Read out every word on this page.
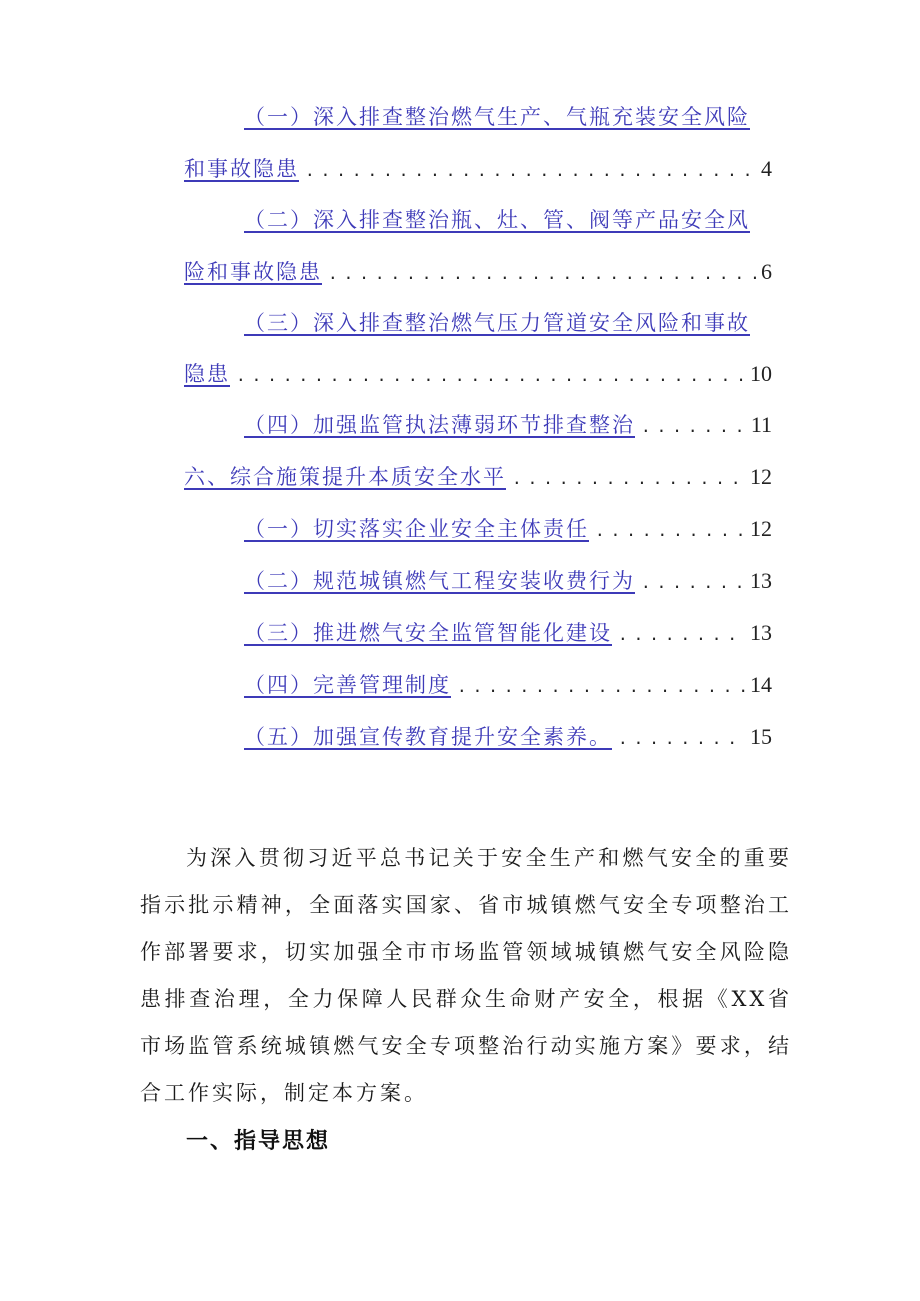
（一）深入排查整治燃气生产、气瓶充装安全风险
和事故隐患 .....	4
（二）深入排查整治瓶、灶、管、阀等产品安全风
险和事故隐患 .....	6
（三）深入排查整治燃气压力管道安全风险和事故
隐患 .....	10
（四）加强监管执法薄弱环节排查整治 .....	11
六、综合施策提升本质安全水平 .....	12
（一）切实落实企业安全主体责任 .....	12
（二）规范城镇燃气工程安装收费行为 .....	13
（三）推进燃气安全监管智能化建设 .....	13
（四）完善管理制度 .....	14
（五）加强宣传教育提升安全素养。 .....	15

为深入贯彻习近平总书记关于安全生产和燃气安全的重要指示批示精神，全面落实国家、省市城镇燃气安全专项整治工作部署要求，切实加强全市市场监管领域城镇燃气安全风险隐患排查治理，全力保障人民群众生命财产安全，根据《XX省市场监管系统城镇燃气安全专项整治行动实施方案》要求，结合工作实际，制定本方案。

一、指导思想
